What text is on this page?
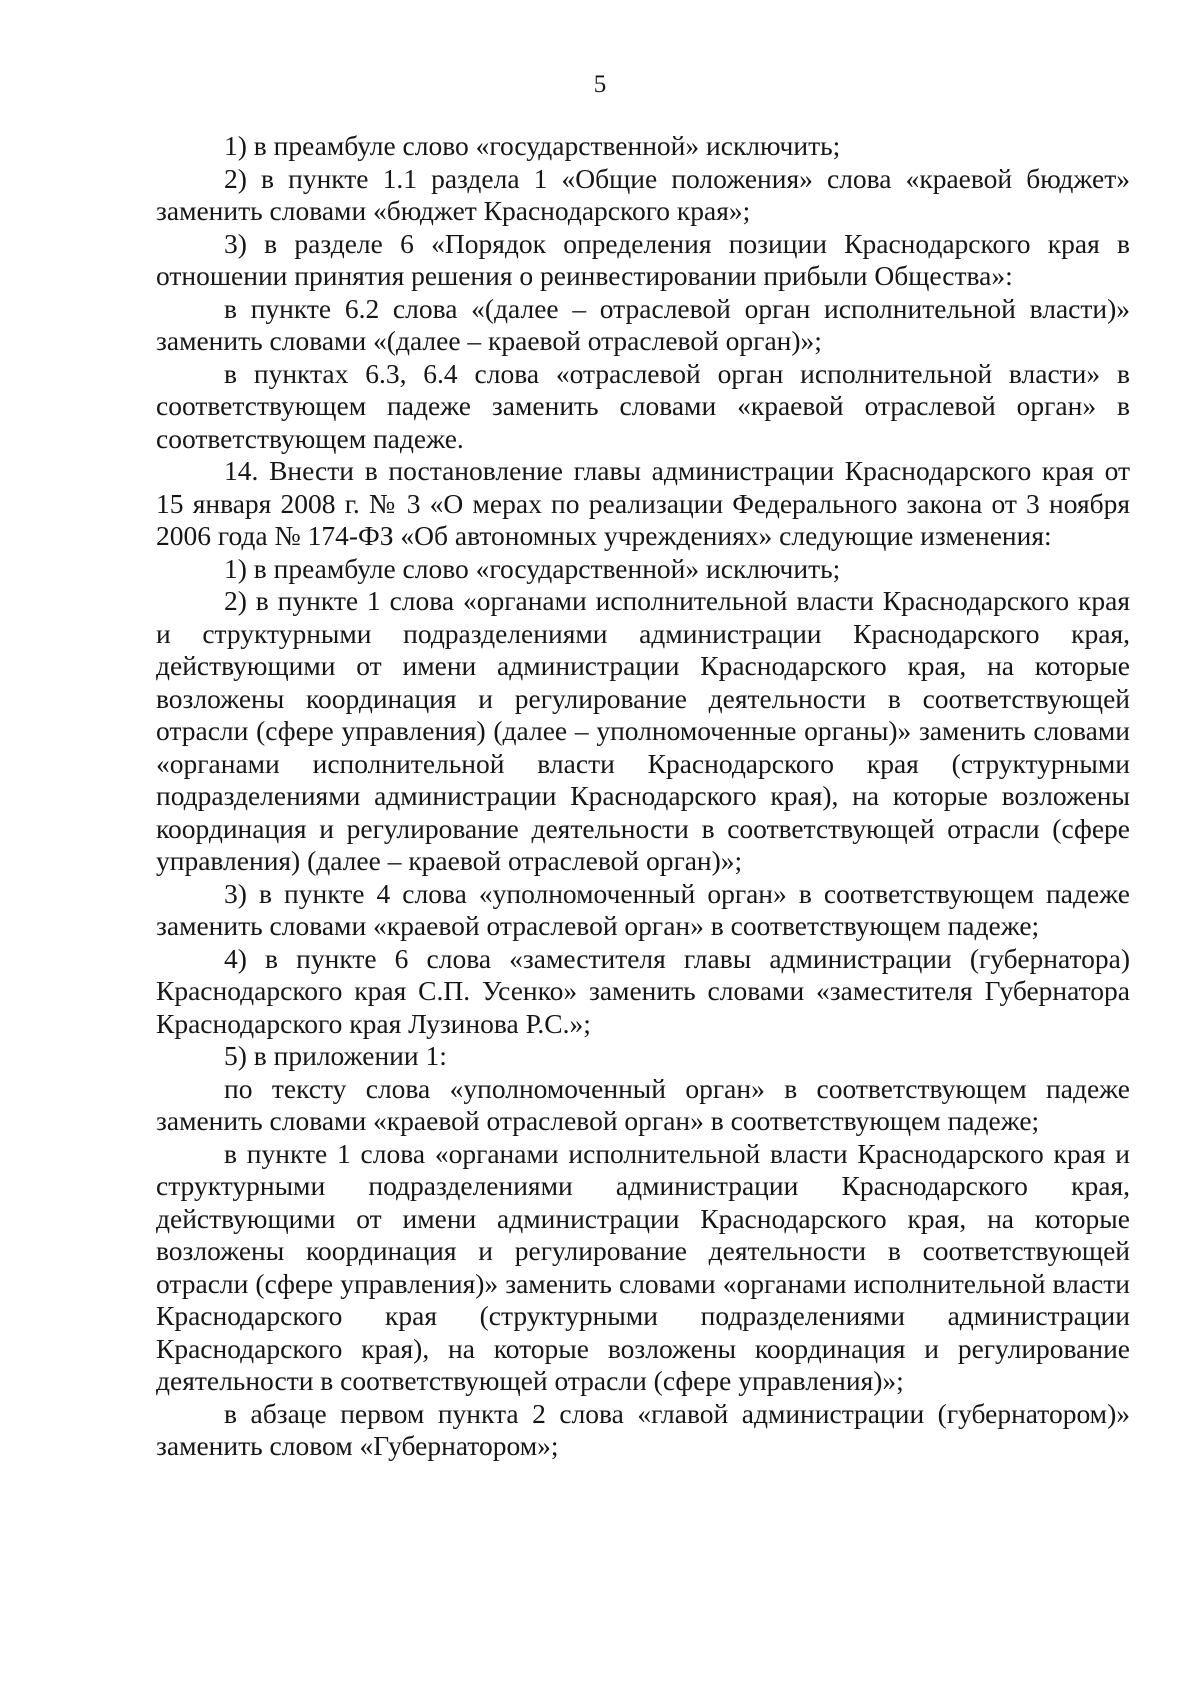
5

1) в преамбуле слово «государственной» исключить;

2) в пункте 1.1 раздела 1 «Общие положения» слова «краевой бюджет» заменить словами «бюджет Краснодарского края»;

3) в разделе 6 «Порядок определения позиции Краснодарского края в отношении принятия решения о реинвестировании прибыли Общества»:

в пункте 6.2 слова «(далее – отраслевой орган исполнительной власти)» заменить словами «(далее – краевой отраслевой орган)»;

в пунктах 6.3, 6.4 слова «отраслевой орган исполнительной власти» в соответствующем падеже заменить словами «краевой отраслевой орган» в соответствующем падеже.

14. Внести в постановление главы администрации Краснодарского края от 15 января 2008 г. № 3 «О мерах по реализации Федерального закона от 3 ноября 2006 года № 174-ФЗ «Об автономных учреждениях» следующие изменения:

1) в преамбуле слово «государственной» исключить;

2) в пункте 1 слова «органами исполнительной власти Краснодарского края и структурными подразделениями администрации Краснодарского края, действующими от имени администрации Краснодарского края, на которые возложены координация и регулирование деятельности в соответствующей отрасли (сфере управления) (далее – уполномоченные органы)» заменить словами «органами исполнительной власти Краснодарского края (структурными подразделениями администрации Краснодарского края), на которые возложены координация и регулирование деятельности в соответствующей отрасли (сфере управления) (далее – краевой отраслевой орган)»;

3) в пункте 4 слова «уполномоченный орган» в соответствующем падеже заменить словами «краевой отраслевой орган» в соответствующем падеже;

4) в пункте 6 слова «заместителя главы администрации (губернатора) Краснодарского края С.П. Усенко» заменить словами «заместителя Губернатора Краснодарского края Лузинова Р.С.»;

5) в приложении 1:

по тексту слова «уполномоченный орган» в соответствующем падеже заменить словами «краевой отраслевой орган» в соответствующем падеже;

в пункте 1 слова «органами исполнительной власти Краснодарского края и структурными подразделениями администрации Краснодарского края, действующими от имени администрации Краснодарского края, на которые возложены координация и регулирование деятельности в соответствующей отрасли (сфере управления)» заменить словами «органами исполнительной власти Краснодарского края (структурными подразделениями администрации Краснодарского края), на которые возложены координация и регулирование деятельности в соответствующей отрасли (сфере управления)»;

в абзаце первом пункта 2 слова «главой администрации (губернатором)» заменить словом «Губернатором»;
